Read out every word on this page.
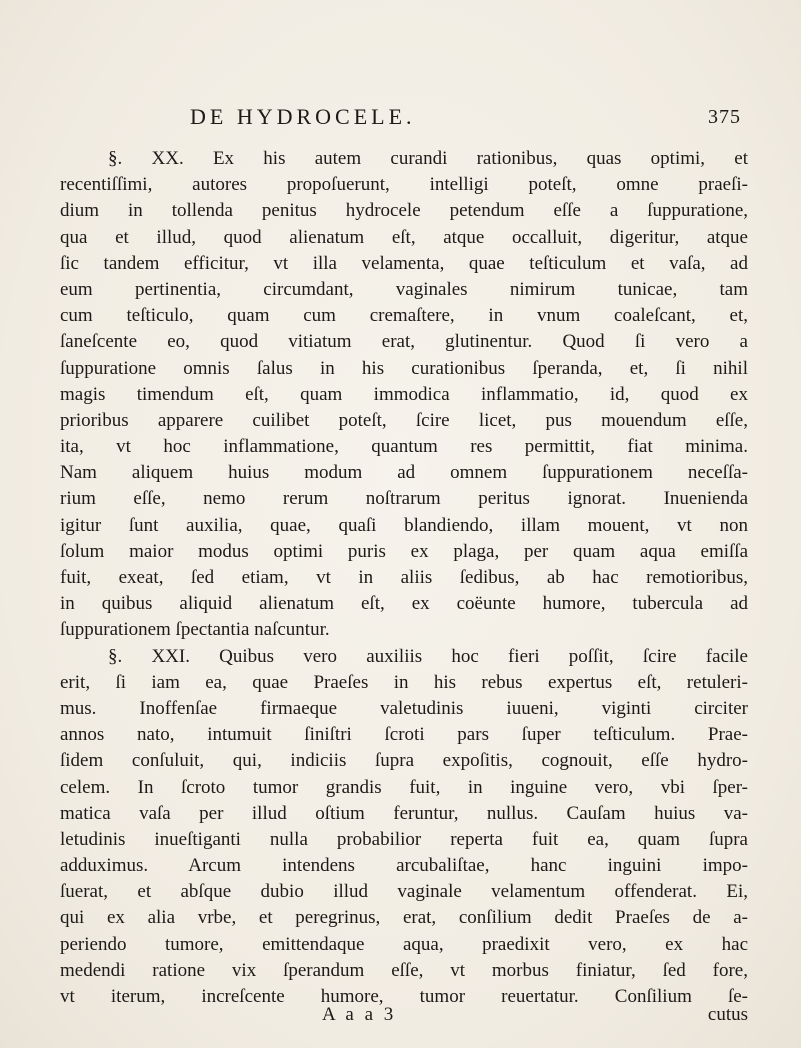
DE HYDROCELE.	375
§. XX. Ex his autem curandi rationibus, quas optimi, et
recentiſſimi, autores propoſuerunt, intelligi poteſt, omne praeſi-
dium in tollenda penitus hydrocele petendum eſſe a ſuppuratione,
qua et illud, quod alienatum eſt, atque occalluit, digeritur, atque
ſic tandem efficitur, vt illa velamenta, quae teſticulum et vaſa, ad
eum pertinentia, circumdant, vaginales nimirum tunicae, tam
cum teſticulo, quam cum cremaſtere, in vnum coaleſcant, et,
ſaneſcente eo, quod vitiatum erat, glutinentur. Quod ſi vero a
ſuppuratione omnis ſalus in his curationibus ſperanda, et, ſi nihil
magis timendum eſt, quam immodica inflammatio, id, quod ex
prioribus apparere cuilibet poteſt, ſcire licet, pus mouendum eſſe,
ita, vt hoc inflammatione, quantum res permittit, fiat minima.
Nam aliquem huius modum ad omnem ſuppurationem neceſſa-
rium eſſe, nemo rerum noſtrarum peritus ignorat. Inuenienda
igitur ſunt auxilia, quae, quaſi blandiendo, illam mouent, vt non
ſolum maior modus optimi puris ex plaga, per quam aqua emiſſa
fuit, exeat, ſed etiam, vt in aliis ſedibus, ab hac remotioribus,
in quibus aliquid alienatum eſt, ex coëunte humore, tubercula ad
ſuppurationem ſpectantia naſcuntur.
§. XXI. Quibus vero auxiliis hoc fieri poſſit, ſcire facile
erit, ſi iam ea, quae Praeſes in his rebus expertus eſt, retuleri-
mus. Inoffenſae firmaeque valetudinis iuueni, viginti circiter
annos nato, intumuit ſiniſtri ſcroti pars ſuper teſticulum. Prae-
ſidem conſuluit, qui, indiciis ſupra expoſitis, cognouit, eſſe hydro-
celem. In ſcroto tumor grandis fuit, in inguine vero, vbi ſper-
matica vaſa per illud oſtium feruntur, nullus. Cauſam huius va-
letudinis inueſtiganti nulla probabilior reperta fuit ea, quam ſupra
adduximus. Arcum intendens arcubaliſtae, hanc inguini impo-
ſuerat, et abſque dubio illud vaginale velamentum offenderat. Ei,
qui ex alia vrbe, et peregrinus, erat, conſilium dedit Praeſes de a-
periendo tumore, emittendaque aqua, praedixit vero, ex hac
medendi ratione vix ſperandum eſſe, vt morbus finiatur, ſed fore,
vt iterum, increſcente humore, tumor reuertatur. Conſilium ſe-
A a a 3	cutus
